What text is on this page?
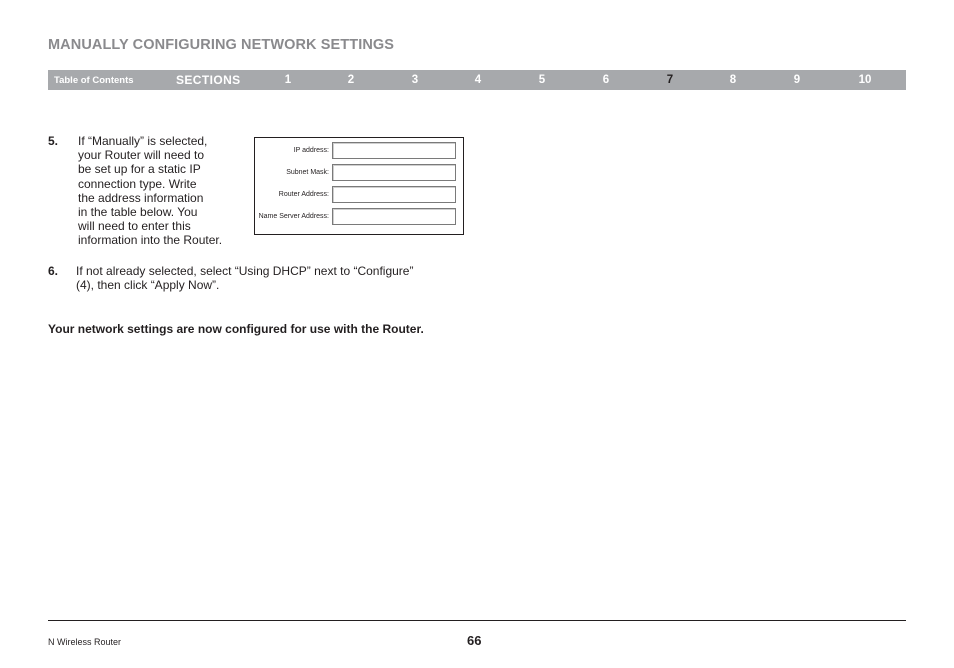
MANUALLY CONFIGURING NETWORK SETTINGS
Table of Contents	SECTIONS	1	2	3	4	5	6	7	8	9	10
5. If “Manually” is selected,
your Router will need to
be set up for a static IP
connection type. Write
the address information
in the table below. You
will need to enter this
information into the Router.
IP address:
Subnet Mask:
Router Address:
Name Server Address:
6. If not already selected, select “Using DHCP” next to “Configure”
(4), then click “Apply Now”.
Your network settings are now configured for use with the Router.
N Wireless Router	66
